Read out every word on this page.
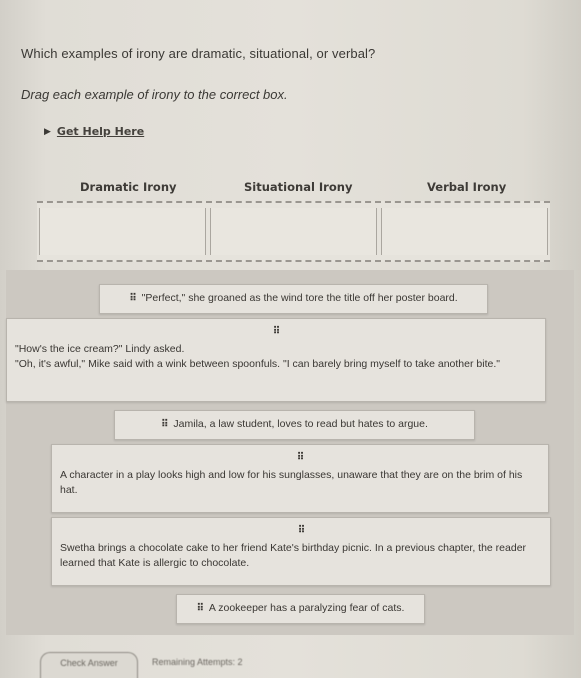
Which examples of irony are dramatic, situational, or verbal?
Drag each example of irony to the correct box.
▶ Get Help Here
Dramatic Irony	Situational Irony	Verbal Irony
⠿ "Perfect," she groaned as the wind tore the title off her poster board.
⠿
"How's the ice cream?" Lindy asked.
"Oh, it's awful," Mike said with a wink between spoonfuls. "I can barely bring myself to take another bite."
⠿ Jamila, a law student, loves to read but hates to argue.
⠿
A character in a play looks high and low for his sunglasses, unaware that they are on the brim of his hat.
⠿
Swetha brings a chocolate cake to her friend Kate's birthday picnic. In a previous chapter, the reader learned that Kate is allergic to chocolate.
⠿ A zookeeper has a paralyzing fear of cats.
Check Answer	Remaining Attempts: 2
